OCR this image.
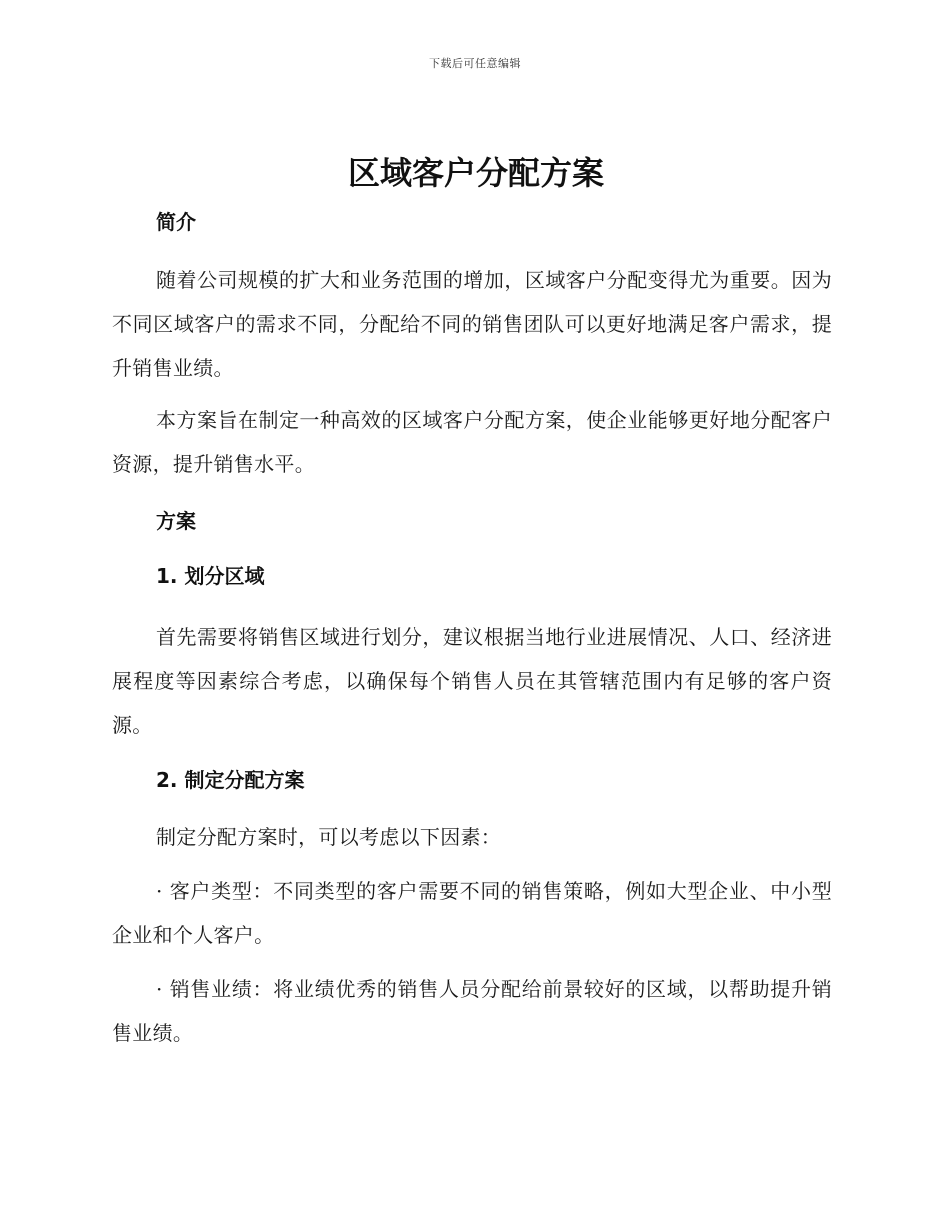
下载后可任意编辑
区域客户分配方案
简介

随着公司规模的扩大和业务范围的增加，区域客户分配变得尤为重要。因为不同区域客户的需求不同，分配给不同的销售团队可以更好地满足客户需求，提升销售业绩。

本方案旨在制定一种高效的区域客户分配方案，使企业能够更好地分配客户资源，提升销售水平。

方案
1. 划分区域

首先需要将销售区域进行划分，建议根据当地行业进展情况、人口、经济进展程度等因素综合考虑，以确保每个销售人员在其管辖范围内有足够的客户资源。

2. 制定分配方案

制定分配方案时，可以考虑以下因素：

· 客户类型：不同类型的客户需要不同的销售策略，例如大型企业、中小型企业和个人客户。

· 销售业绩：将业绩优秀的销售人员分配给前景较好的区域，以帮助提升销售业绩。
